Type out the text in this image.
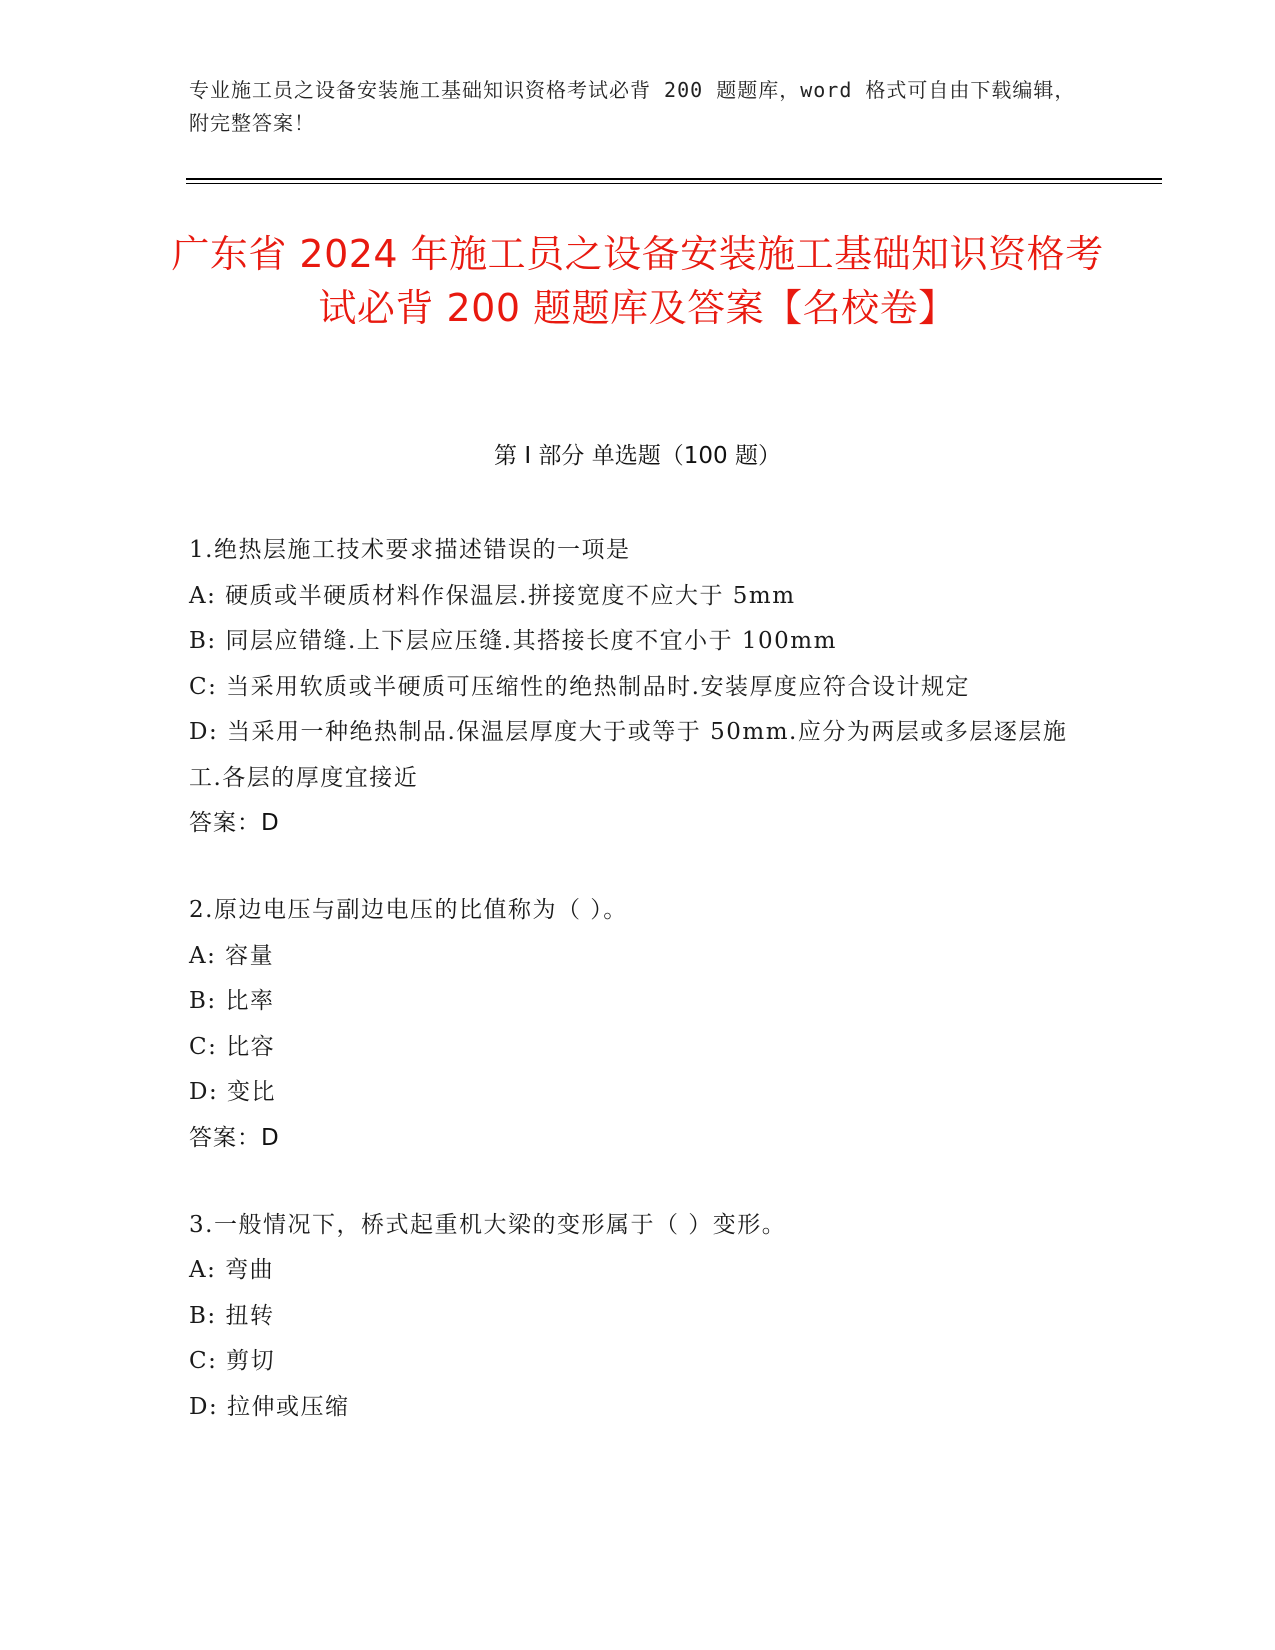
专业施工员之设备安装施工基础知识资格考试必背 200 题题库，word 格式可自由下载编辑，附完整答案！
广东省 2024 年施工员之设备安装施工基础知识资格考试必背 200 题题库及答案【名校卷】
第 I 部分 单选题（100 题）
1.绝热层施工技术要求描述错误的一项是
A: 硬质或半硬质材料作保温层.拼接宽度不应大于 5mm
B: 同层应错缝.上下层应压缝.其搭接长度不宜小于 100mm
C: 当采用软质或半硬质可压缩性的绝热制品时.安装厚度应符合设计规定
D: 当采用一种绝热制品.保温层厚度大于或等于 50mm.应分为两层或多层逐层施工.各层的厚度宜接近
答案：D
2.原边电压与副边电压的比值称为（ ）。
A: 容量
B: 比率
C: 比容
D: 变比
答案：D
3.一般情况下，桥式起重机大梁的变形属于（ ）变形。
A: 弯曲
B: 扭转
C: 剪切
D: 拉伸或压缩
